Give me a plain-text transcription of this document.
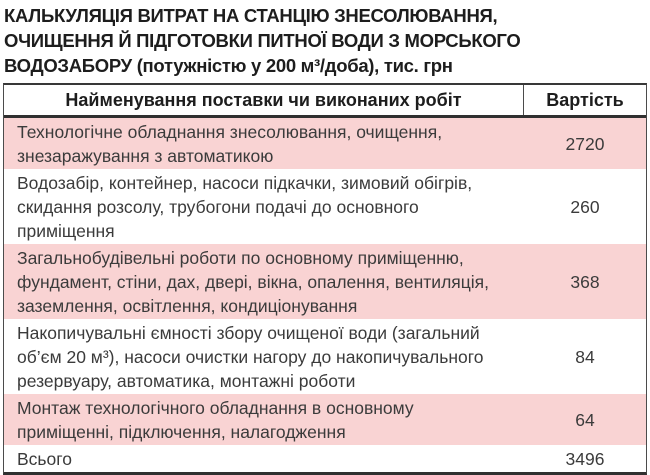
КАЛЬКУЛЯЦІЯ ВИТРАТ НА СТАНЦІЮ ЗНЕСОЛЮВАННЯ,
ОЧИЩЕННЯ Й ПІДГОТОВКИ ПИТНОЇ ВОДИ З МОРСЬКОГО
ВОДОЗАБОРУ (потужністю у 200 м³/доба), тис. грн
Найменування поставки чи виконаних робіт	Вартість
Технологічне обладнання знесолювання, очищення, знезаражування з автоматикою
2720
Водозабір, контейнер, насоси підкачки, зимовий обігрів, скидання розсолу, трубогони подачі до основного приміщення
260
Загальнобудівельні роботи по основному приміщенню, фундамент, стіни, дах, двері, вікна, опалення, вентиляція, заземлення, освітлення, кондиціонування
368
Накопичувальні ємності збору очищеної води (загальний об’єм 20 м³), насоси очистки нагору до накопичувального резервуару, автоматика, монтажні роботи
84
Монтаж технологічного обладнання в основному приміщенні, підключення, налагодження
64
Всього	3496
